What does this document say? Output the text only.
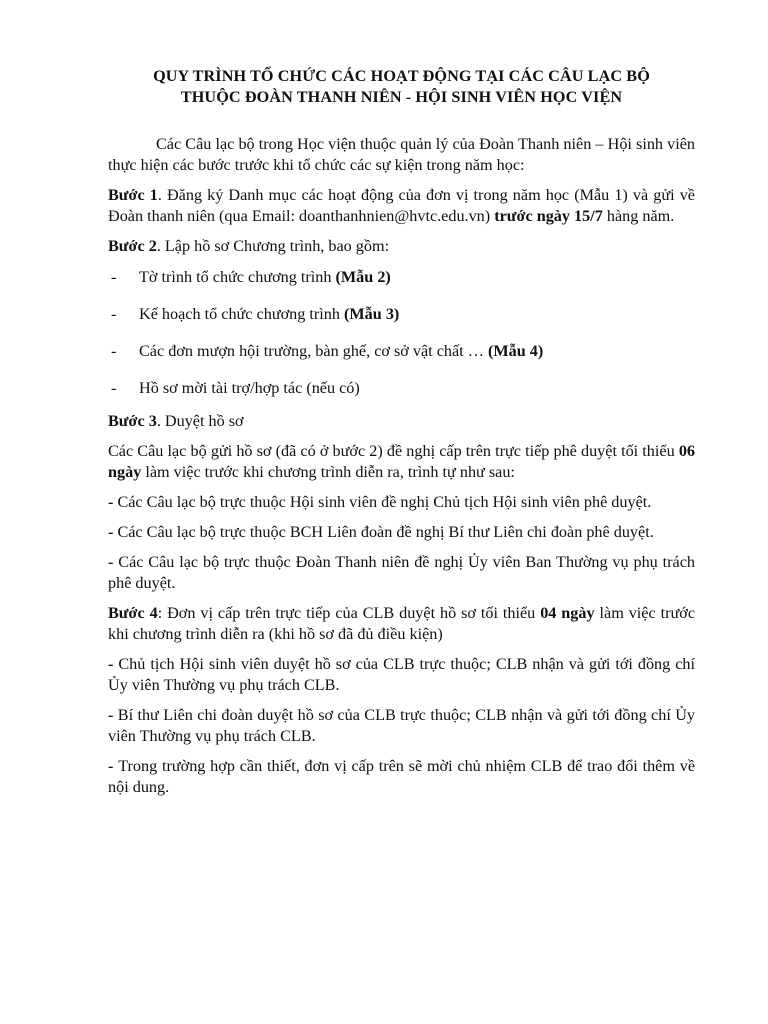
QUY TRÌNH TỔ CHỨC CÁC HOẠT ĐỘNG TẠI CÁC CÂU LẠC BỘ
THUỘC ĐOÀN THANH NIÊN - HỘI SINH VIÊN HỌC VIỆN

Các Câu lạc bộ trong Học viện thuộc quản lý của Đoàn Thanh niên – Hội sinh viên thực hiện các bước trước khi tổ chức các sự kiện trong năm học:

Bước 1. Đăng ký Danh mục các hoạt động của đơn vị trong năm học (Mẫu 1) và gửi về Đoàn thanh niên (qua Email: doanthanhnien@hvtc.edu.vn) trước ngày 15/7 hàng năm.

Bước 2. Lập hồ sơ Chương trình, bao gồm:

- Tờ trình tổ chức chương trình (Mẫu 2)
- Kế hoạch tổ chức chương trình (Mẫu 3)
- Các đơn mượn hội trường, bàn ghế, cơ sở vật chất … (Mẫu 4)
- Hồ sơ mời tài trợ/hợp tác (nếu có)

Bước 3. Duyệt hồ sơ

Các Câu lạc bộ gửi hồ sơ (đã có ở bước 2) đề nghị cấp trên trực tiếp phê duyệt tối thiểu 06 ngày làm việc trước khi chương trình diễn ra, trình tự như sau:

- Các Câu lạc bộ trực thuộc Hội sinh viên đề nghị Chủ tịch Hội sinh viên phê duyệt.

- Các Câu lạc bộ trực thuộc BCH Liên đoàn đề nghị Bí thư Liên chi đoàn phê duyệt.

- Các Câu lạc bộ trực thuộc Đoàn Thanh niên đề nghị Ủy viên Ban Thường vụ phụ trách phê duyệt.

Bước 4: Đơn vị cấp trên trực tiếp của CLB duyệt hồ sơ tối thiểu 04 ngày làm việc trước khi chương trình diễn ra (khi hồ sơ đã đủ điều kiện)

- Chủ tịch Hội sinh viên duyệt hồ sơ của CLB trực thuộc; CLB nhận và gửi tới đồng chí Ủy viên Thường vụ phụ trách CLB.

- Bí thư Liên chi đoàn duyệt hồ sơ của CLB trực thuộc; CLB nhận và gửi tới đồng chí Ủy viên Thường vụ phụ trách CLB.

- Trong trường hợp cần thiết, đơn vị cấp trên sẽ mời chủ nhiệm CLB để trao đổi thêm về nội dung.
